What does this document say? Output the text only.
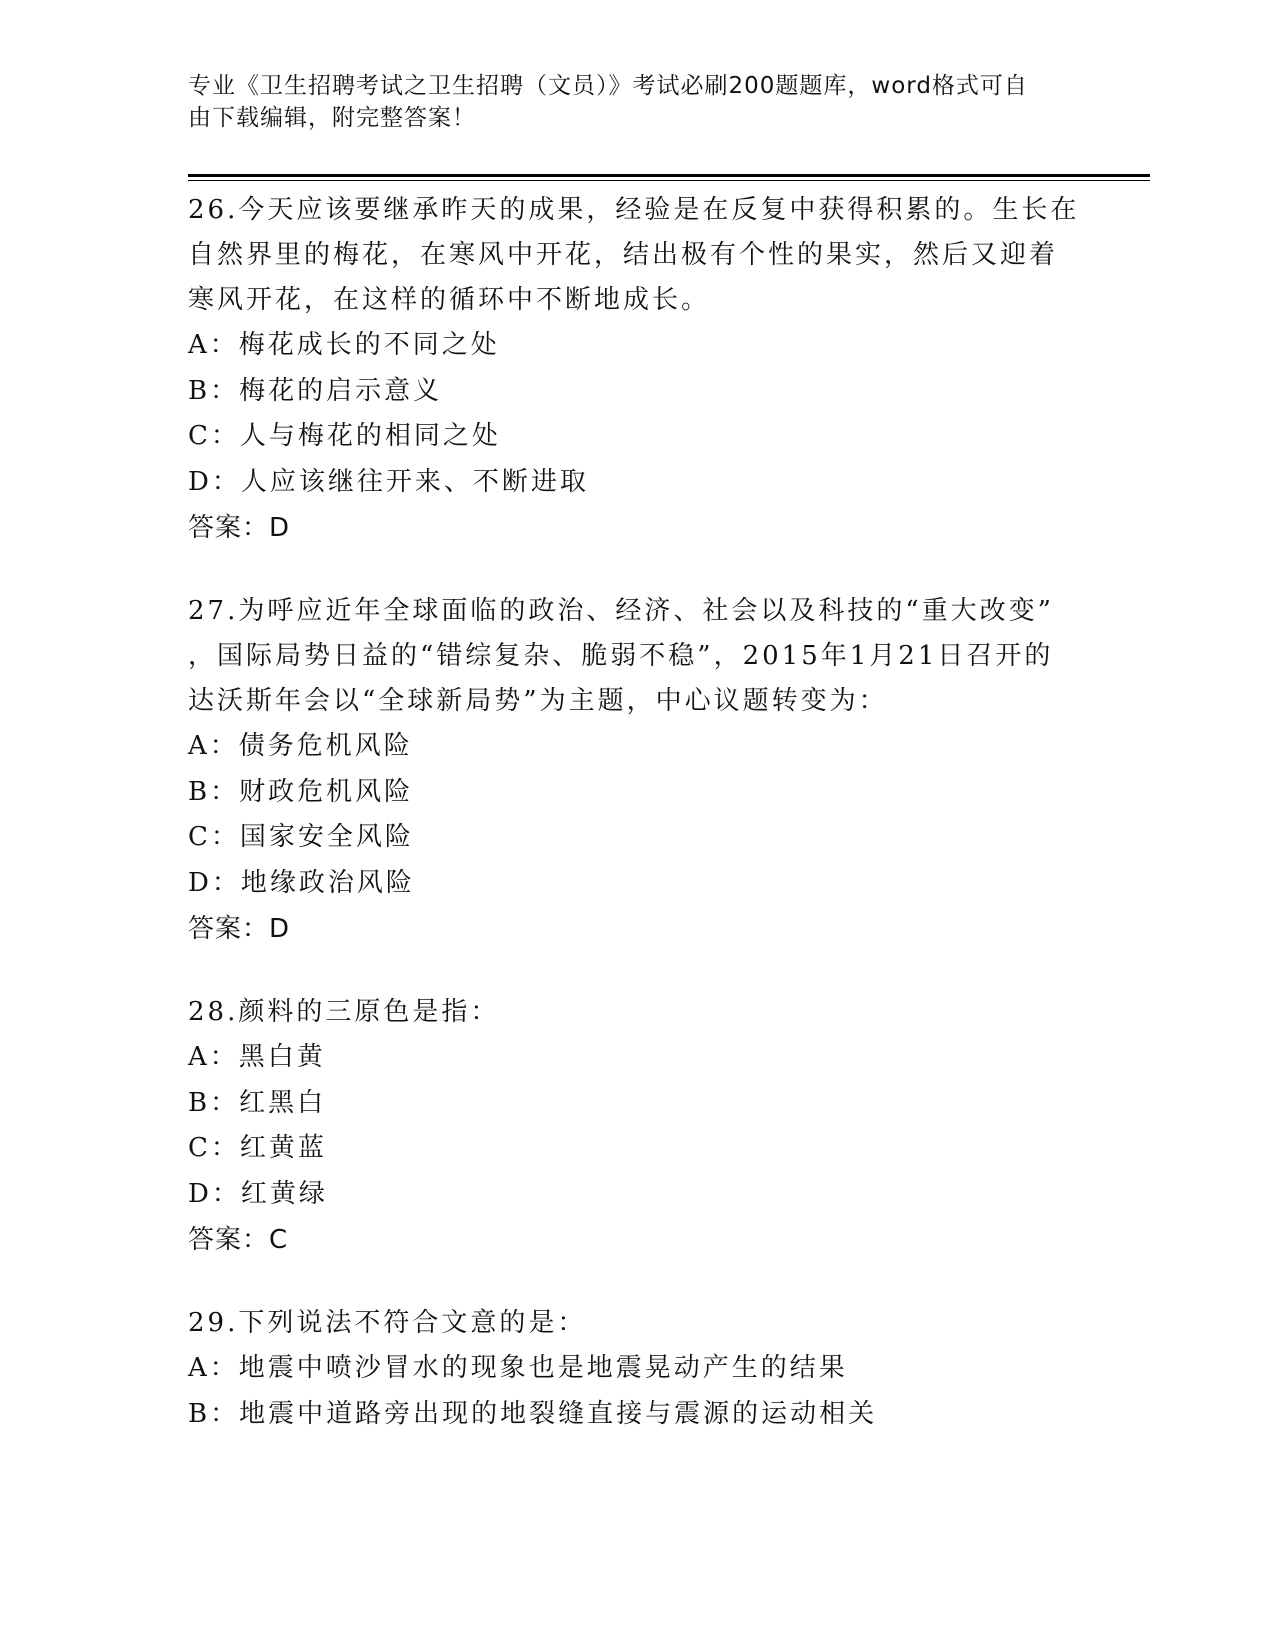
专业《卫生招聘考试之卫生招聘（文员）》考试必刷200题题库，word格式可自
由下载编辑，附完整答案！
26.今天应该要继承昨天的成果，经验是在反复中获得积累的。生长在
自然界里的梅花，在寒风中开花，结出极有个性的果实，然后又迎着
寒风开花，在这样的循环中不断地成长。
A：梅花成长的不同之处
B：梅花的启示意义
C：人与梅花的相同之处
D：人应该继往开来、不断进取
答案：D
27.为呼应近年全球面临的政治、经济、社会以及科技的“重大改变”
，国际局势日益的“错综复杂、脆弱不稳”，2015年1月21日召开的
达沃斯年会以“全球新局势”为主题，中心议题转变为：
A：债务危机风险
B：财政危机风险
C：国家安全风险
D：地缘政治风险
答案：D
28.颜料的三原色是指：
A：黑白黄
B：红黑白
C：红黄蓝
D：红黄绿
答案：C
29.下列说法不符合文意的是：
A：地震中喷沙冒水的现象也是地震晃动产生的结果
B：地震中道路旁出现的地裂缝直接与震源的运动相关
